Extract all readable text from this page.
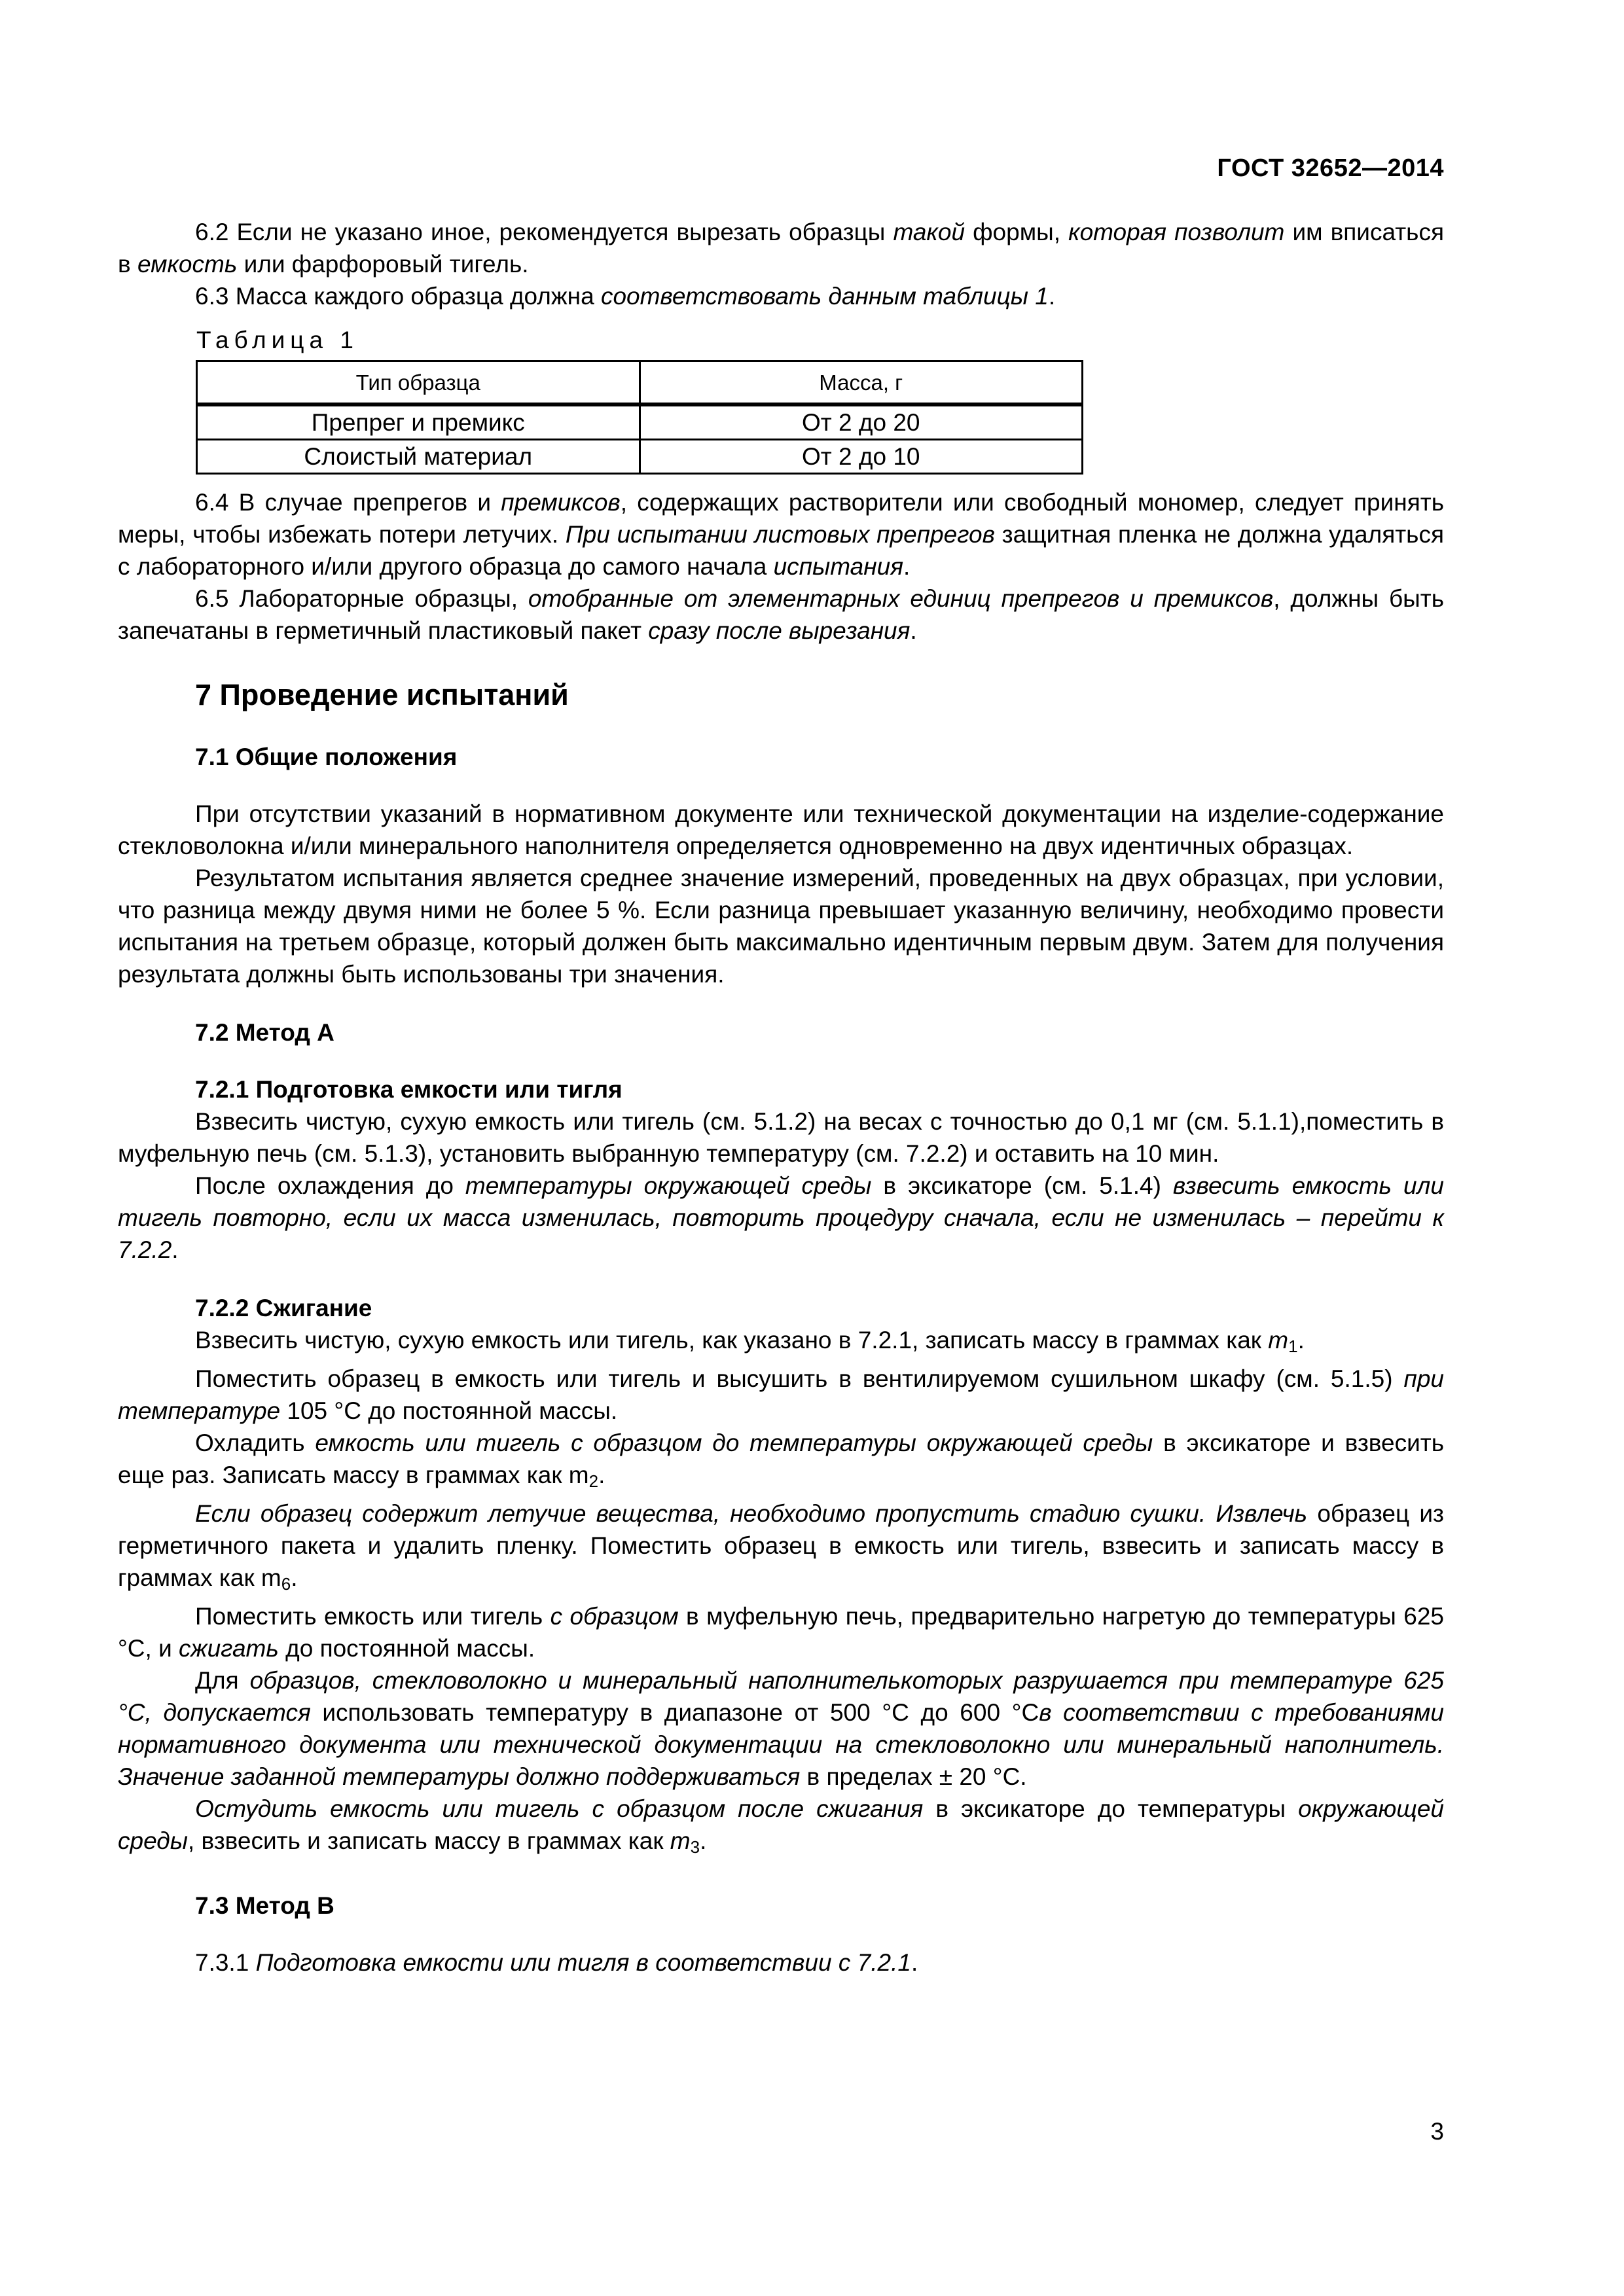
ГОСТ 32652—2014

6.2 Если не указано иное, рекомендуется вырезать образцы такой формы, которая позволит им вписаться в емкость или фарфоровый тигель.

6.3 Масса каждого образца должна соответствовать данным таблицы 1.

Таблица 1
Тип образца	Масса, г
Препрег и премикс	От 2 до 20
Слоистый материал	От 2 до 10

6.4 В случае препрегов и премиксов, содержащих растворители или свободный мономер, следует принять меры, чтобы избежать потери летучих. При испытании листовых препрегов защитная пленка не должна удаляться с лабораторного и/или другого образца до самого начала испытания.

6.5 Лабораторные образцы, отобранные от элементарных единиц препрегов и премиксов, должны быть запечатаны в герметичный пластиковый пакет сразу после вырезания.

7 Проведение испытаний
7.1 Общие положения

При отсутствии указаний в нормативном документе или технической документации на изделие-содержание стекловолокна и/или минерального наполнителя определяется одновременно на двух идентичных образцах.

Результатом испытания является среднее значение измерений, проведенных на двух образцах, при условии, что разница между двумя ними не более 5 %. Если разница превышает указанную величину, необходимо провести испытания на третьем образце, который должен быть максимально идентичным первым двум. Затем для получения результата должны быть использованы три значения.

7.2 Метод А
7.2.1 Подготовка емкости или тигля

Взвесить чистую, сухую емкость или тигель (см. 5.1.2) на весах с точностью до 0,1 мг (см. 5.1.1),поместить в муфельную печь (см. 5.1.3), установить выбранную температуру (см. 7.2.2) и оставить на 10 мин.

После охлаждения до температуры окружающей среды в эксикаторе (см. 5.1.4) взвесить емкость или тигель повторно, если их масса изменилась, повторить процедуру сначала, если не изменилась – перейти к 7.2.2.

7.2.2 Сжигание

Взвесить чистую, сухую емкость или тигель, как указано в 7.2.1, записать массу в граммах как $m_1$.

Поместить образец в емкость или тигель и высушить в вентилируемом сушильном шкафу (см. 5.1.5) при температуре 105 °С до постоянной массы.

Охладить емкость или тигель с образцом до температуры окружающей среды в эксикаторе и взвесить еще раз. Записать массу в граммах как $m_2$.

Если образец содержит летучие вещества, необходимо пропустить стадию сушки. Извлечь образец из герметичного пакета и удалить пленку. Поместить образец в емкость или тигель, взвесить и записать массу в граммах как $m_6$.

Поместить емкость или тигель с образцом в муфельную печь, предварительно нагретую до температуры 625 °С, и сжигать до постоянной массы.

Для образцов, стекловолокно и минеральный наполнителькоторых разрушается при температуре 625 °С, допускается использовать температуру в диапазоне от 500 °С до 600 °Св соответствии с требованиями нормативного документа или технической документации на стекловолокно или минеральный наполнитель. Значение заданной температуры должно поддерживаться в пределах ± 20 °С.

Остудить емкость или тигель с образцом после сжигания в эксикаторе до температуры окружающей среды, взвесить и записать массу в граммах как $m_3$.

7.3 Метод В

7.3.1 Подготовка емкости или тигля в соответствии с 7.2.1.

3
